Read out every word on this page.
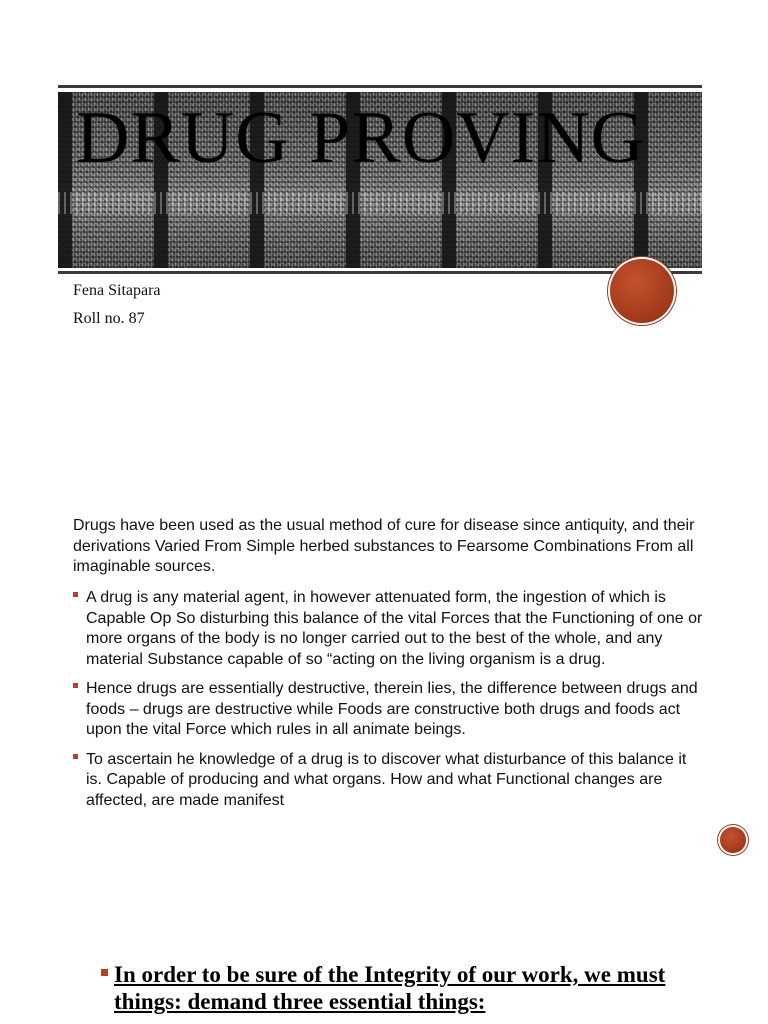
DRUG PROVING
Fena Sitapara
Roll no. 87

Drugs have been used as the usual method of cure for disease since antiquity, and their derivations Varied From Simple herbed substances to Fearsome Combinations From all imaginable sources.

A drug is any material agent, in however attenuated form, the ingestion of which is Capable Op So disturbing this balance of the vital Forces that the Functioning of one or more organs of the body is no longer carried out to the best of the whole, and any material Substance capable of so “acting on the living organism is a drug.
Hence drugs are essentially destructive, therein lies, the difference between drugs and foods – drugs are destructive while Foods are constructive both drugs and foods act upon the vital Force which rules in all animate beings.
To ascertain he knowledge of a drug is to discover what disturbance of this balance it is. Capable of producing and what organs. How and what Functional changes are affected, are made manifest

In order to be sure of the Integrity of our work, we must things: demand three essential things:
